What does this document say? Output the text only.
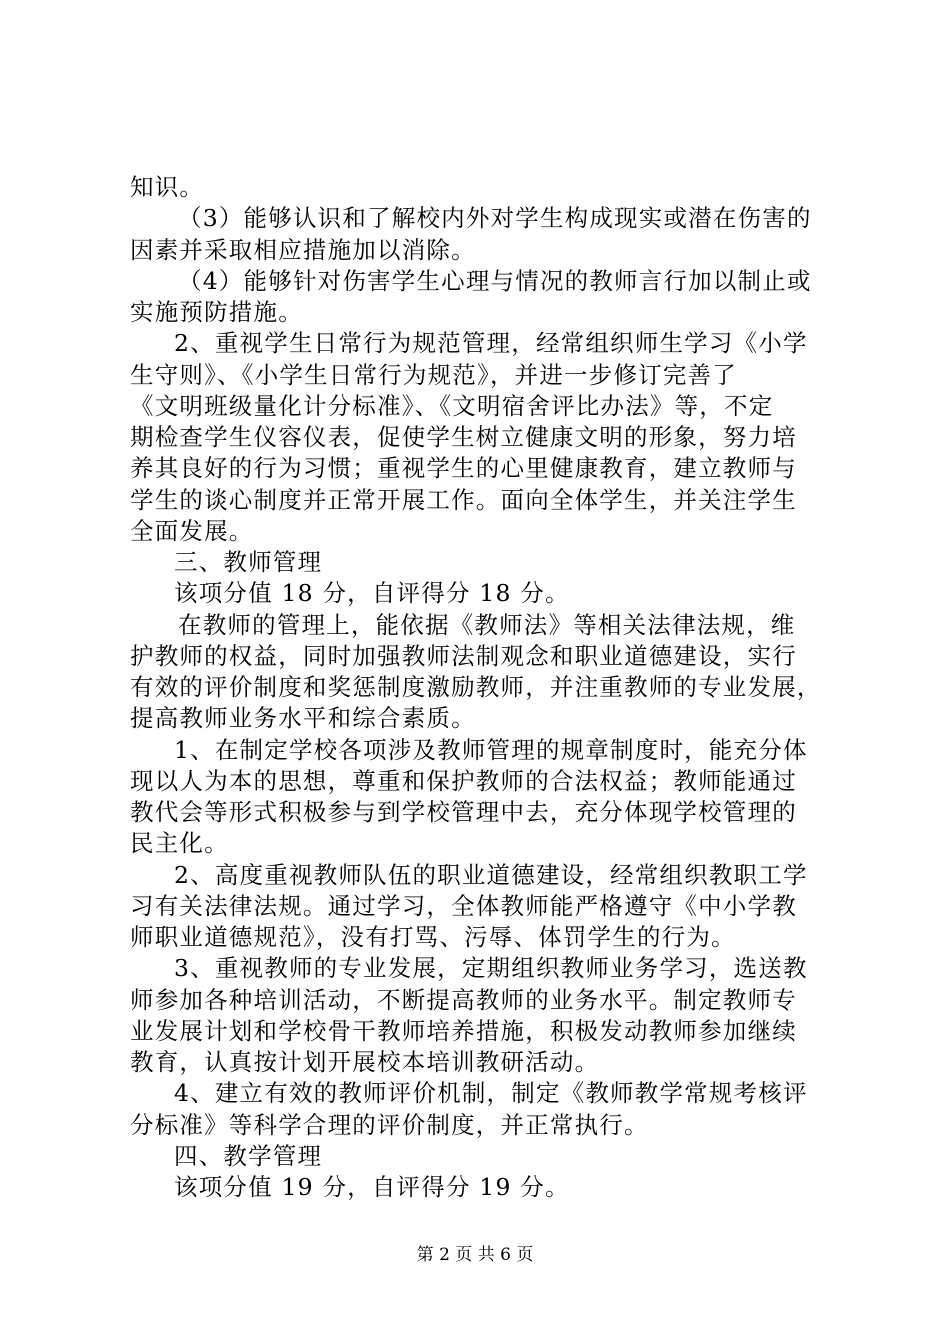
知识。
（3）能够认识和了解校内外对学生构成现实或潜在伤害的
因素并采取相应措施加以消除。
（4）能够针对伤害学生心理与情况的教师言行加以制止或
实施预防措施。
2、重视学生日常行为规范管理，经常组织师生学习《小学
生守则》、《小学生日常行为规范》，并进一步修订完善了
《文明班级量化计分标准》、《文明宿舍评比办法》等，不定
期检查学生仪容仪表，促使学生树立健康文明的形象，努力培
养其良好的行为习惯；重视学生的心里健康教育，建立教师与
学生的谈心制度并正常开展工作。面向全体学生，并关注学生
全面发展。
三、教师管理
该项分值 18 分，自评得分 18 分。
在教师的管理上，能依据《教师法》等相关法律法规，维
护教师的权益，同时加强教师法制观念和职业道德建设，实行
有效的评价制度和奖惩制度激励教师，并注重教师的专业发展，
提高教师业务水平和综合素质。
1、在制定学校各项涉及教师管理的规章制度时，能充分体
现以人为本的思想，尊重和保护教师的合法权益；教师能通过
教代会等形式积极参与到学校管理中去，充分体现学校管理的
民主化。
2、高度重视教师队伍的职业道德建设，经常组织教职工学
习有关法律法规。通过学习，全体教师能严格遵守《中小学教
师职业道德规范》，没有打骂、污辱、体罚学生的行为。
3、重视教师的专业发展，定期组织教师业务学习，选送教
师参加各种培训活动，不断提高教师的业务水平。制定教师专
业发展计划和学校骨干教师培养措施，积极发动教师参加继续
教育，认真按计划开展校本培训教研活动。
4、建立有效的教师评价机制，制定《教师教学常规考核评
分标准》等科学合理的评价制度，并正常执行。
四、教学管理
该项分值 19 分，自评得分 19 分。
第 2 页 共 6 页
